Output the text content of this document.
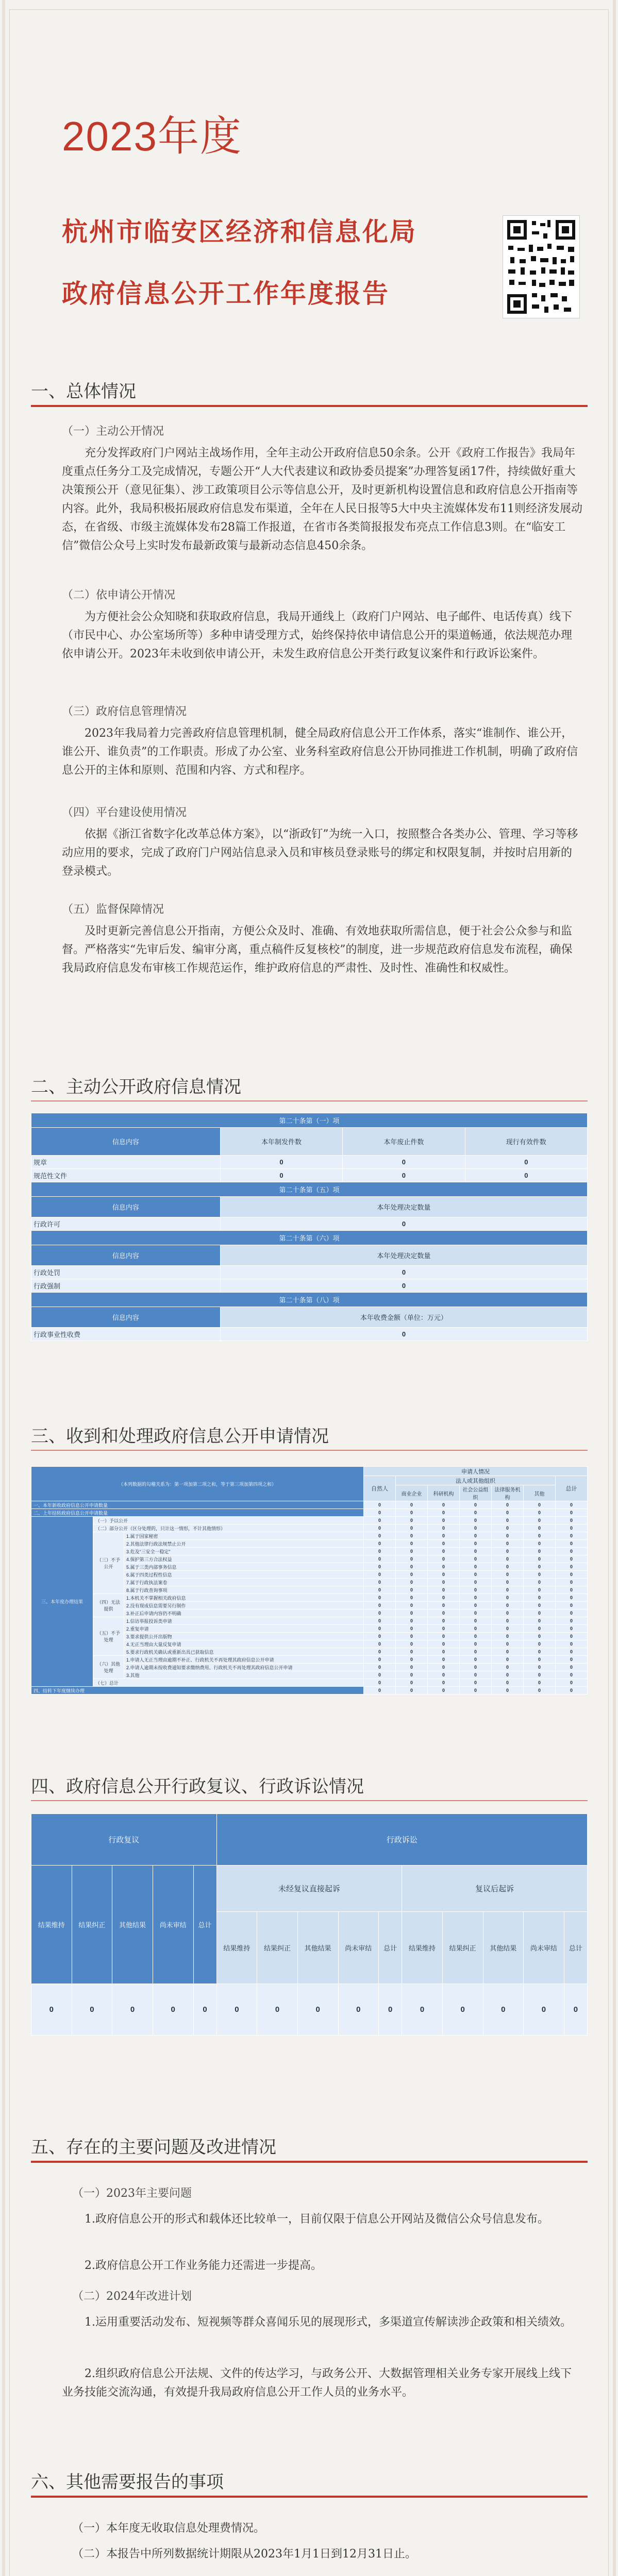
2023年度
杭州市临安区经济和信息化局
政府信息公开工作年度报告
一、总体情况
（一）主动公开情况
充分发挥政府门户网站主战场作用，全年主动公开政府信息50余条。公开《政府工作报告》我局年度重点任务分工及完成情况，专题公开“人大代表建议和政协委员提案”办理答复函17件，持续做好重大决策预公开（意见征集）、涉工政策项目公示等信息公开，及时更新机构设置信息和政府信息公开指南等内容。此外，我局积极拓展政府信息发布渠道，全年在人民日报等5大中央主流媒体发布11则经济发展动态，在省级、市级主流媒体发布28篇工作报道，在省市各类简报报发布亮点工作信息3则。在“临安工信”微信公众号上实时发布最新政策与最新动态信息450余条。
（二）依申请公开情况
为方便社会公众知晓和获取政府信息，我局开通线上（政府门户网站、电子邮件、电话传真）线下（市民中心、办公室场所等）多种申请受理方式，始终保持依申请信息公开的渠道畅通，依法规范办理依申请公开。2023年未收到依申请公开，未发生政府信息公开类行政复议案件和行政诉讼案件。
（三）政府信息管理情况
2023年我局着力完善政府信息管理机制，健全局政府信息公开工作体系，落实“谁制作、谁公开，谁公开、谁负责”的工作职责。形成了办公室、业务科室政府信息公开协同推进工作机制，明确了政府信息公开的主体和原则、范围和内容、方式和程序。
（四）平台建设使用情况
依据《浙江省数字化改革总体方案》，以“浙政钉”为统一入口，按照整合各类办公、管理、学习等移动应用的要求，完成了政府门户网站信息录入员和审核员登录账号的绑定和权限复制，并按时启用新的登录模式。
（五）监督保障情况
及时更新完善信息公开指南，方便公众及时、准确、有效地获取所需信息，便于社会公众参与和监督。严格落实“先审后发、编审分离，重点稿件反复核校”的制度，进一步规范政府信息发布流程，确保我局政府信息发布审核工作规范运作，维护政府信息的严肃性、及时性、准确性和权威性。
二、主动公开政府信息情况
第二十条第（一）项			
信息内容	本年制发件数	本年废止件数	现行有效件数
规章	0	0	0
规范性文件	0	0	0
第二十条第（五）项			
信息内容	本年处理决定数量		
行政许可	0		
第二十条第（六）项			
信息内容	本年处理决定数量		
行政处罚	0		
行政强制	0		
第二十条第（八）项			
信息内容	本年收费金额（单位：万元）		
行政事业性收费	0		
三、收到和处理政府信息公开申请情况
（本列数据的勾稽关系为：第一项加第二项之和，等于第三项加第四项之和）			申请人情况						
			自然人	法人或其他组织					总计
				商业企业	科研机构	社会公益组织	法律服务机构	其他	
一、本年新收政府信息公开申请数量			0	0	0	0	0	0	0
二、上年结转政府信息公开申请数量			0	0	0	0	0	0	0
三、本年度办理结果	（一）予以公开		0	0	0	0	0	0	0
	（二）部分公开（区分处理的，只计这一情形，不计其他情形）		0	0	0	0	0	0	0
	（三）不予公开	1.属于国家秘密	0	0	0	0	0	0	0
		2.其他法律行政法规禁止公开	0	0	0	0	0	0	0
		3.危及“三安全一稳定”	0	0	0	0	0	0	0
		4.保护第三方合法权益	0	0	0	0	0	0	0
		5.属于三类内部事务信息	0	0	0	0	0	0	0
		6.属于四类过程性信息	0	0	0	0	0	0	0
		7.属于行政执法案卷	0	0	0	0	0	0	0
		8.属于行政查询事项	0	0	0	0	0	0	0
	（四）无法提供	1.本机关不掌握相关政府信息	0	0	0	0	0	0	0
		2.没有现成信息需要另行制作	0	0	0	0	0	0	0
		3.补正后申请内容仍不明确	0	0	0	0	0	0	0
	（五）不予处理	1.信访举报投诉类申请	0	0	0	0	0	0	0
		2.重复申请	0	0	0	0	0	0	0
		3.要求提供公开出版物	0	0	0	0	0	0	0
		4.无正当理由大量反复申请	0	0	0	0	0	0	0
		5.要求行政机关确认或重新出具已获取信息	0	0	0	0	0	0	0
	（六）其他处理	1.申请人无正当理由逾期不补正、行政机关不再处理其政府信息公开申请	0	0	0	0	0	0	0
		2.申请人逾期未按收费通知要求缴纳费用、行政机关不再处理其政府信息公开申请	0	0	0	0	0	0	0
		3.其他	0	0	0	0	0	0	0
	（七）总计		0	0	0	0	0	0	0
四、结转下年度继续办理			0	0	0	0	0	0	0
四、政府信息公开行政复议、行政诉讼情况
行政复议					行政诉讼									
结果维持	结果纠正	其他结果	尚未审结	总计	未经复议直接起诉					复议后起诉				
					结果维持	结果纠正	其他结果	尚未审结	总计	结果维持	结果纠正	其他结果	尚未审结	总计
0	0	0	0	0	0	0	0	0	0	0	0	0	0	0
五、存在的主要问题及改进情况
（一）2023年主要问题
1.政府信息公开的形式和载体还比较单一，目前仅限于信息公开网站及微信公众号信息发布。
2.政府信息公开工作业务能力还需进一步提高。
（二）2024年改进计划
1.运用重要活动发布、短视频等群众喜闻乐见的展现形式，多渠道宣传解读涉企政策和相关绩效。
2.组织政府信息公开法规、文件的传达学习，与政务公开、大数据管理相关业务专家开展线上线下业务技能交流沟通，有效提升我局政府信息公开工作人员的业务水平。
六、其他需要报告的事项
（一）本年度无收取信息处理费情况。
（二）本报告中所列数据统计期限从2023年1月1日到12月31日止。
